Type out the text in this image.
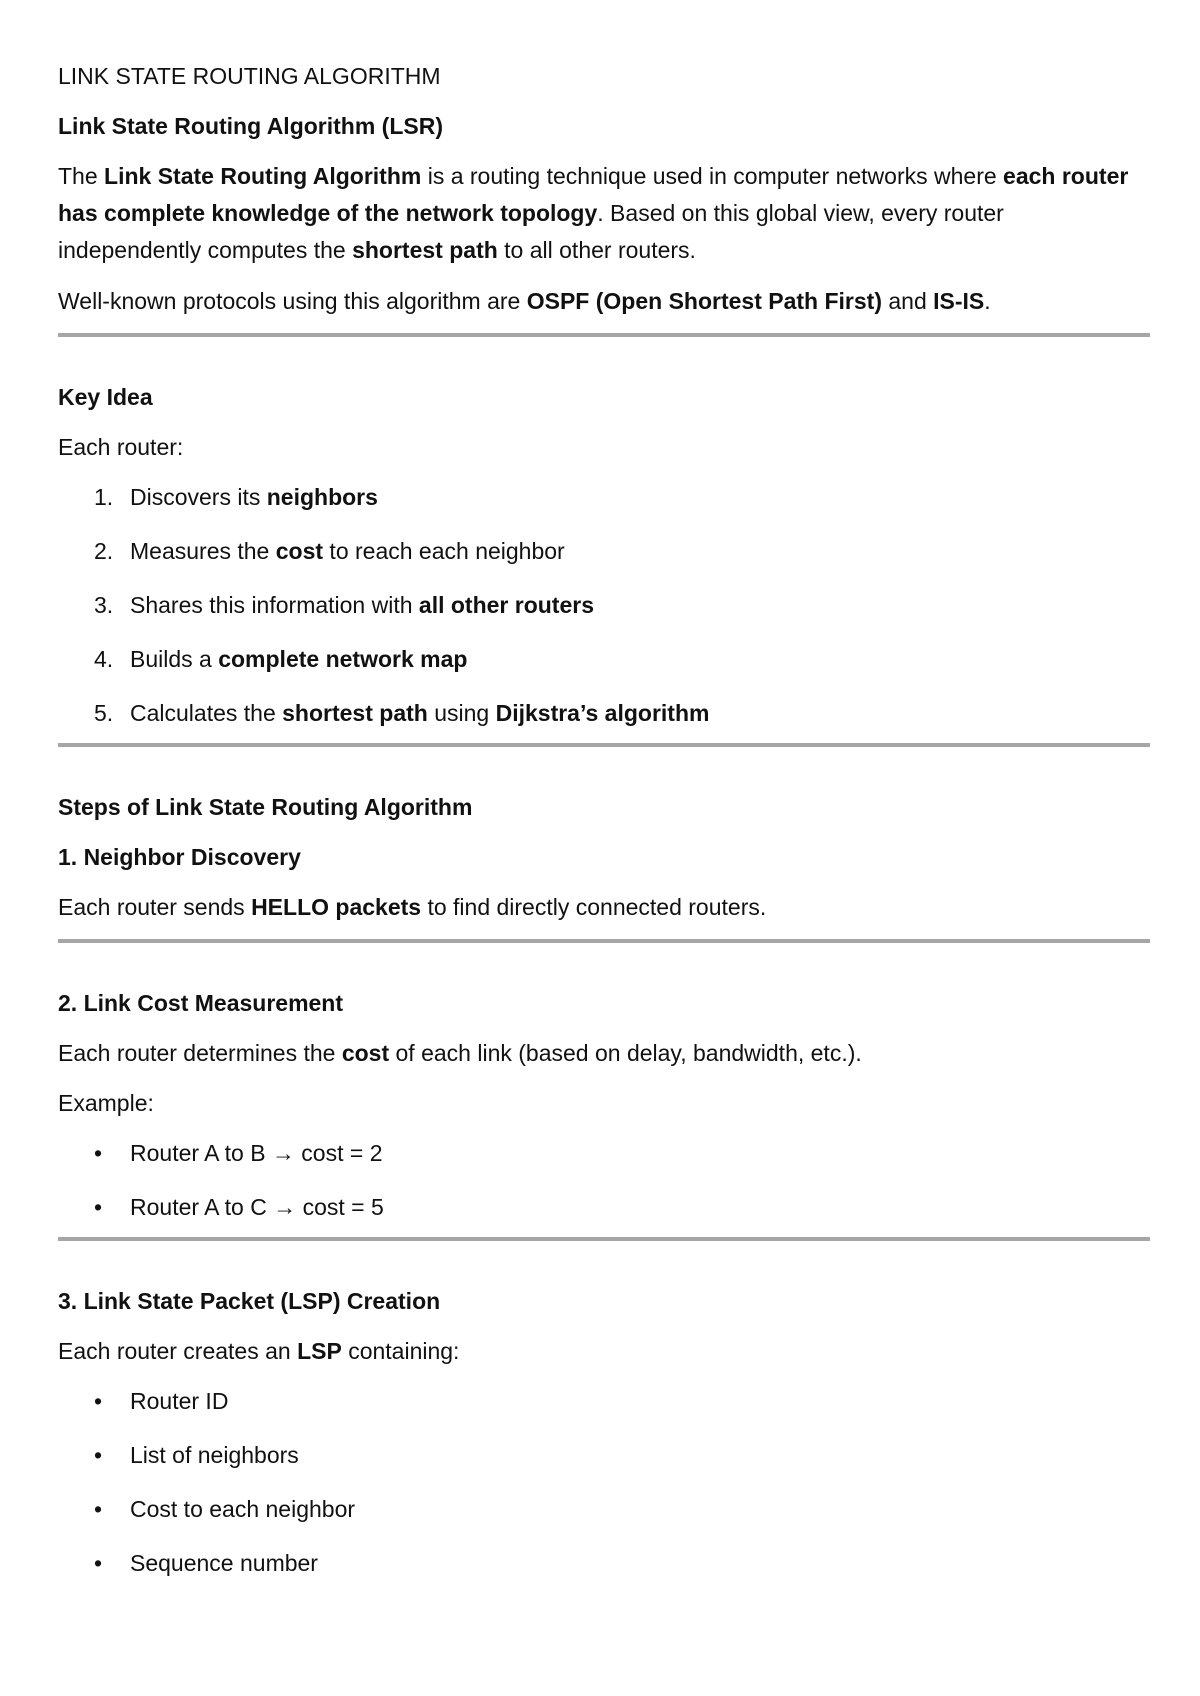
LINK STATE ROUTING ALGORITHM

Link State Routing Algorithm (LSR)

The Link State Routing Algorithm is a routing technique used in computer networks where each router has complete knowledge of the network topology. Based on this global view, every router independently computes the shortest path to all other routers.

Well-known protocols using this algorithm are OSPF (Open Shortest Path First) and IS-IS.

Key Idea

Each router:

1. Discovers its neighbors
2. Measures the cost to reach each neighbor
3. Shares this information with all other routers
4. Builds a complete network map
5. Calculates the shortest path using Dijkstra’s algorithm

Steps of Link State Routing Algorithm

1. Neighbor Discovery

Each router sends HELLO packets to find directly connected routers.

2. Link Cost Measurement

Each router determines the cost of each link (based on delay, bandwidth, etc.).

Example:

• Router A to B → cost = 2
• Router A to C → cost = 5

3. Link State Packet (LSP) Creation

Each router creates an LSP containing:

• Router ID
• List of neighbors
• Cost to each neighbor
• Sequence number
